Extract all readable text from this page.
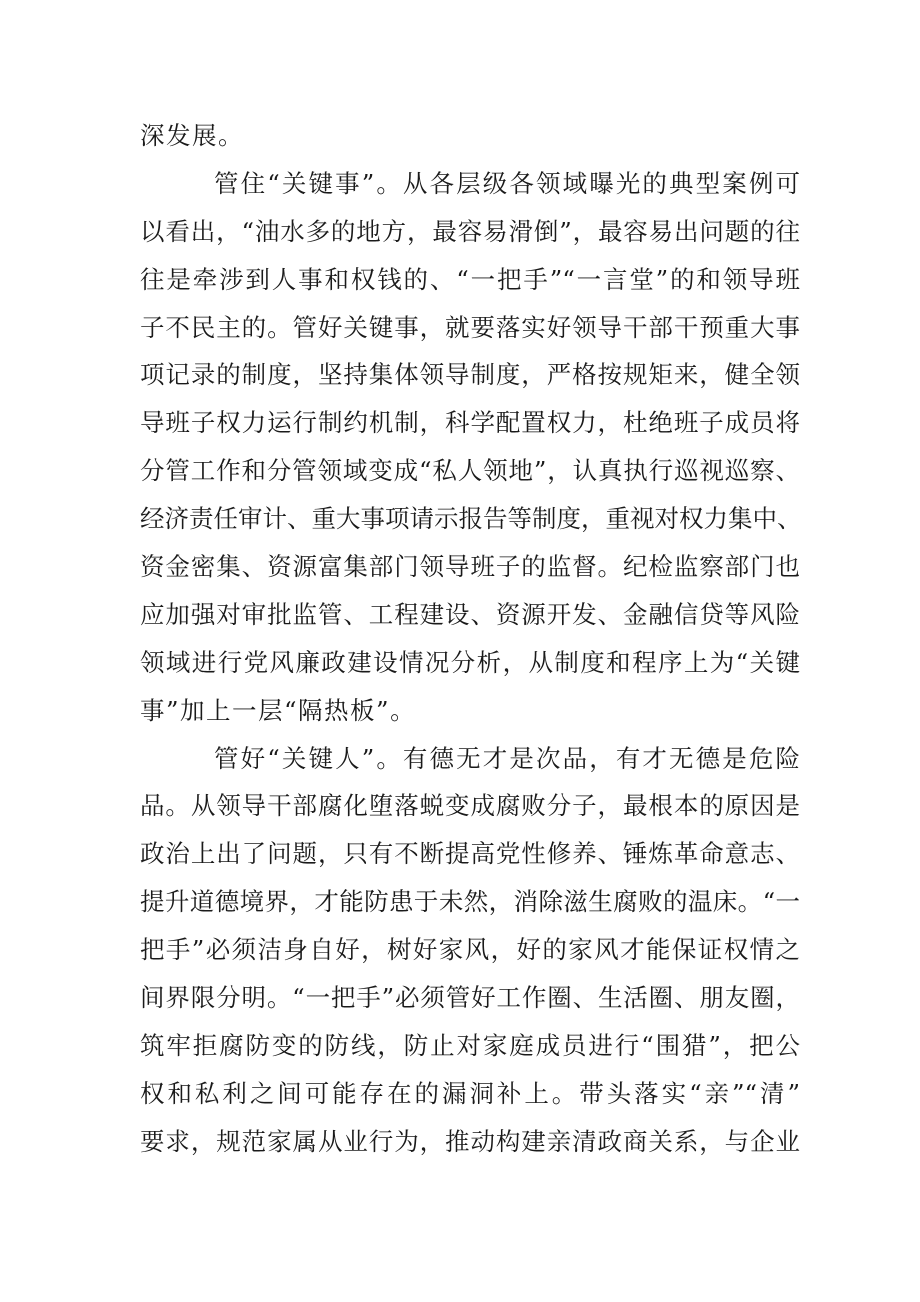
深发展。
管住“关键事”。从各层级各领域曝光的典型案例可
以看出，“油水多的地方，最容易滑倒”，最容易出问题的往
往是牵涉到人事和权钱的、“一把手”“一言堂”的和领导班
子不民主的。管好关键事，就要落实好领导干部干预重大事
项记录的制度，坚持集体领导制度，严格按规矩来，健全领
导班子权力运行制约机制，科学配置权力，杜绝班子成员将
分管工作和分管领域变成“私人领地”，认真执行巡视巡察、
经济责任审计、重大事项请示报告等制度，重视对权力集中、
资金密集、资源富集部门领导班子的监督。纪检监察部门也
应加强对审批监管、工程建设、资源开发、金融信贷等风险
领域进行党风廉政建设情况分析，从制度和程序上为“关键
事”加上一层“隔热板”。
管好“关键人”。有德无才是次品，有才无德是危险
品。从领导干部腐化堕落蜕变成腐败分子，最根本的原因是
政治上出了问题，只有不断提高党性修养、锤炼革命意志、
提升道德境界，才能防患于未然，消除滋生腐败的温床。“一
把手”必须洁身自好，树好家风，好的家风才能保证权情之
间界限分明。“一把手”必须管好工作圈、生活圈、朋友圈，
筑牢拒腐防变的防线，防止对家庭成员进行“围猎”，把公
权和私利之间可能存在的漏洞补上。带头落实“亲”“清”
要求，规范家属从业行为，推动构建亲清政商关系，与企业
